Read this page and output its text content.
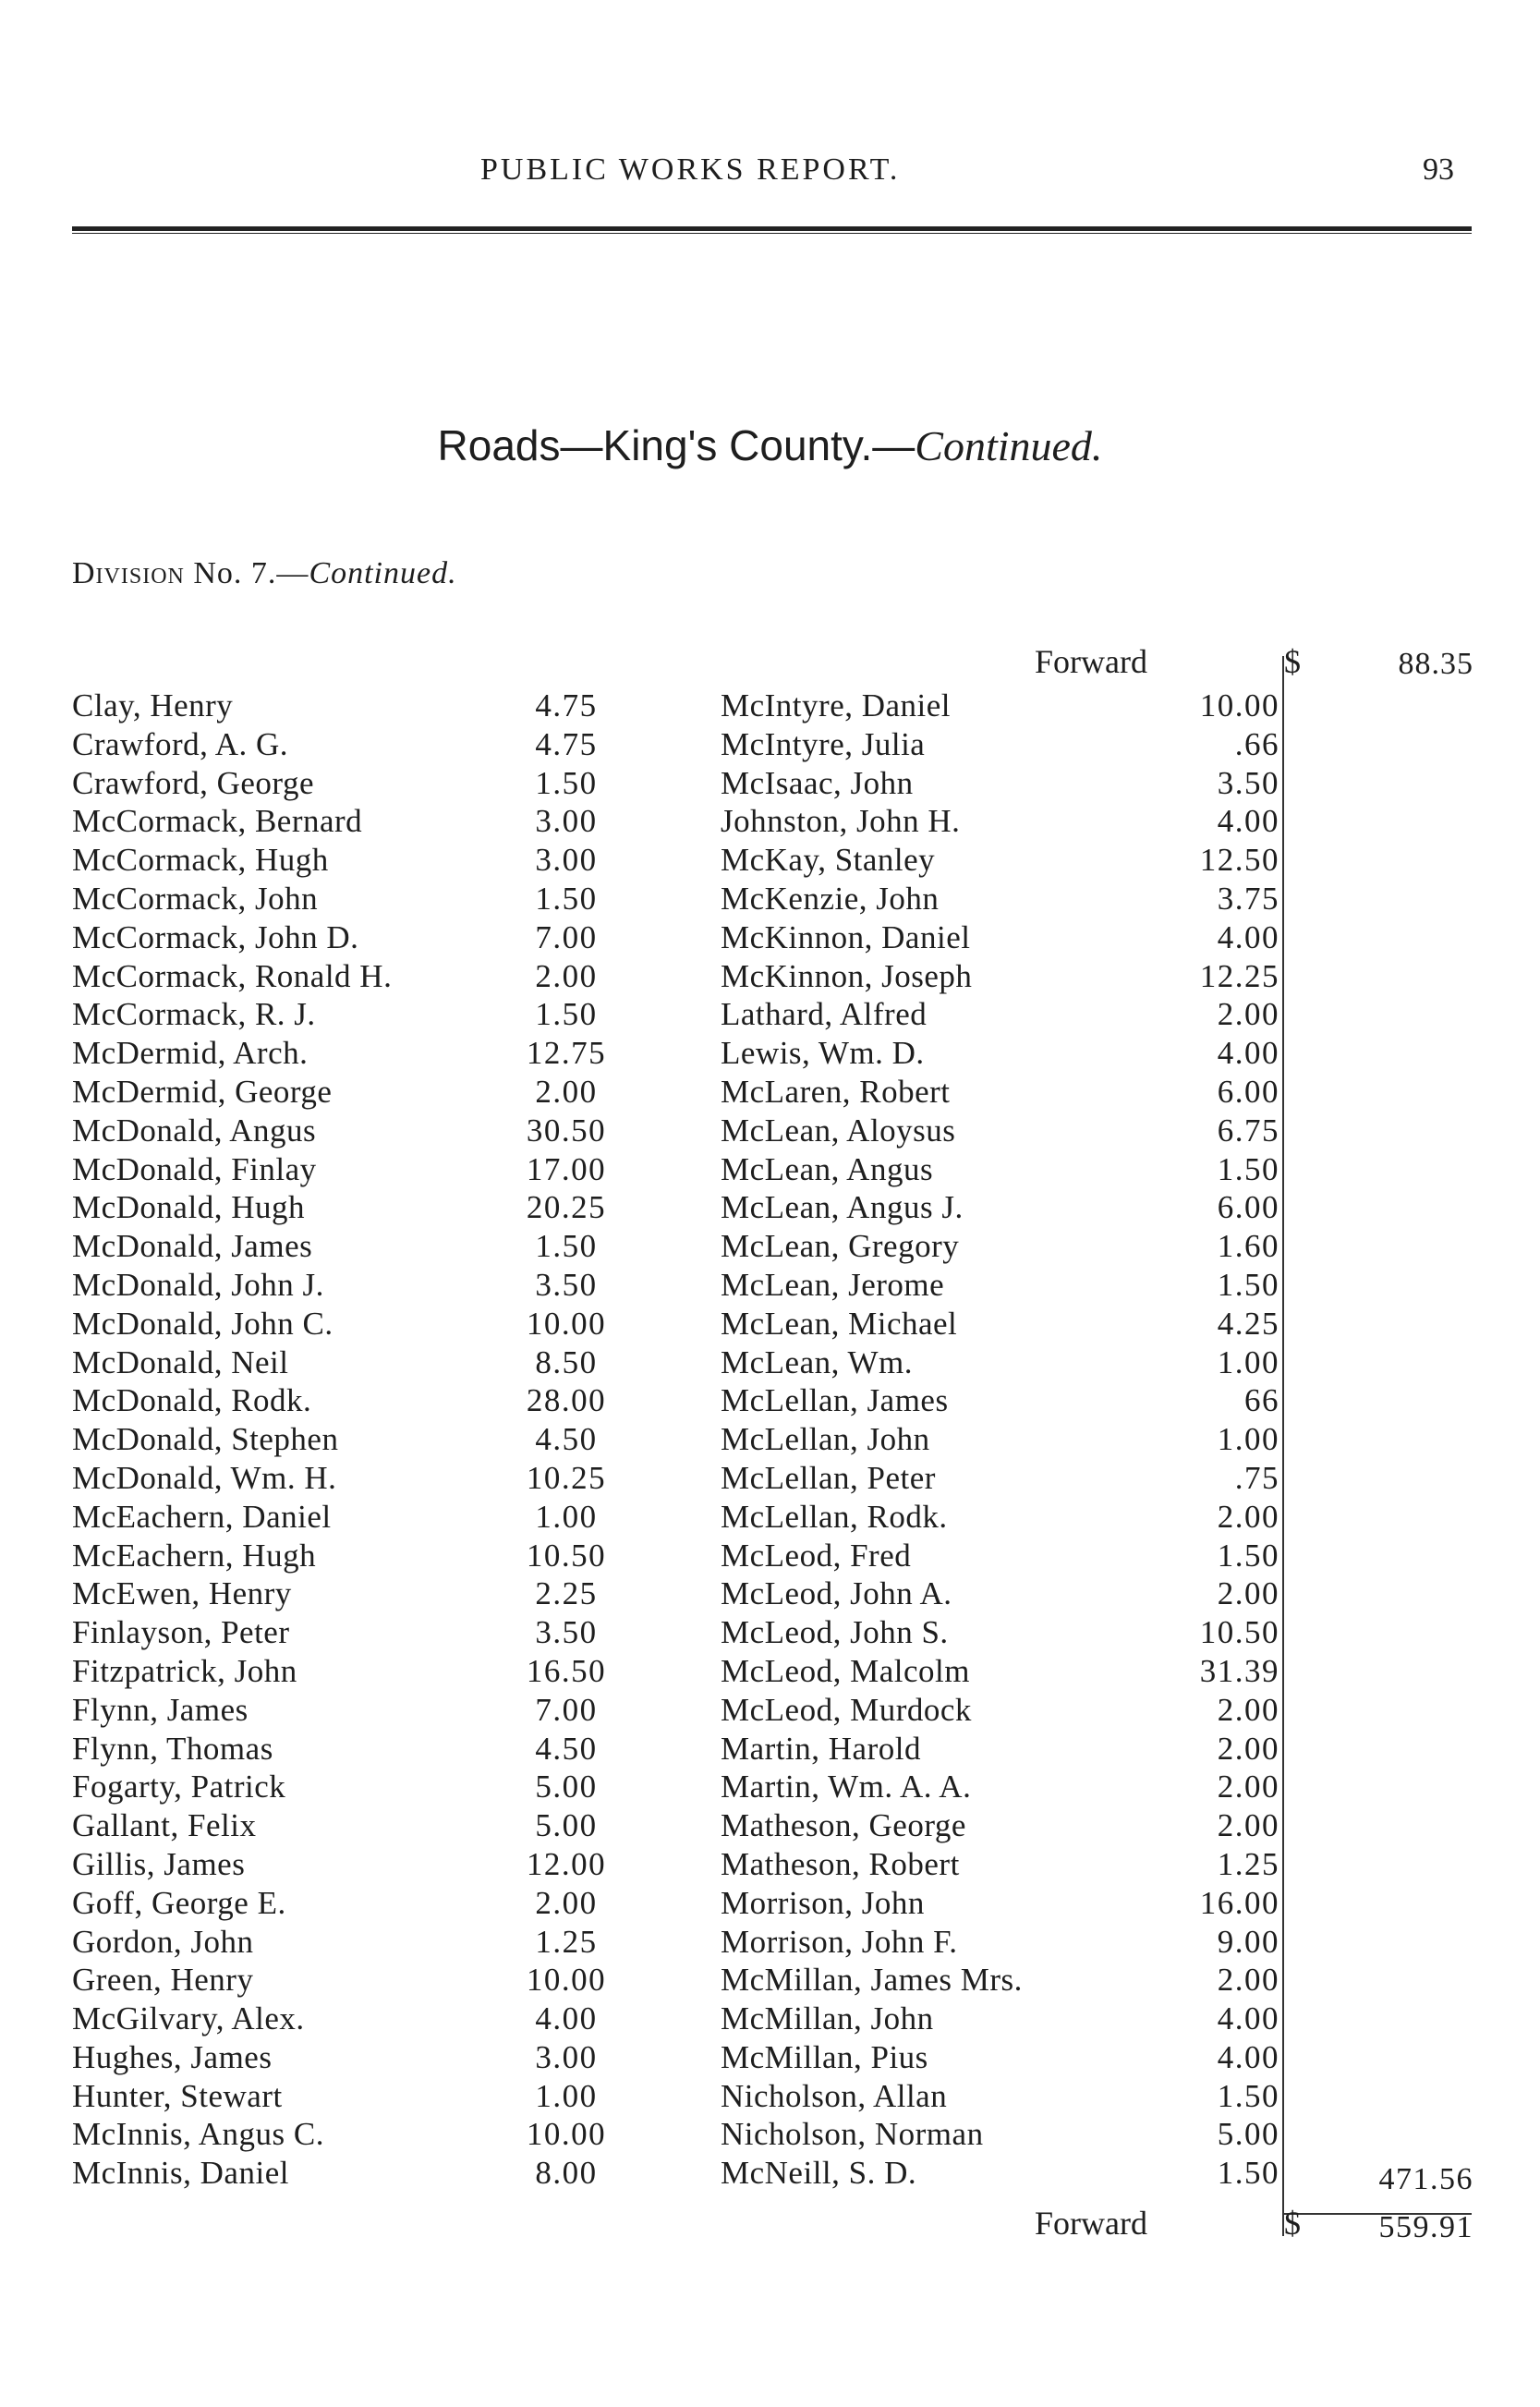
PUBLIC WORKS REPORT.	93
Roads—King's County.—Continued.
Division No. 7.—Continued.
Forward	$	88.35
Clay, Henry	4.75
Crawford, A. G.	4.75
Crawford, George	1.50
McCormack, Bernard	3.00
McCormack, Hugh	3.00
McCormack, John	1.50
McCormack, John D.	7.00
McCormack, Ronald H.	2.00
McCormack, R. J.	1.50
McDermid, Arch.	12.75
McDermid, George	2.00
McDonald, Angus	30.50
McDonald, Finlay	17.00
McDonald, Hugh	20.25
McDonald, James	1.50
McDonald, John J.	3.50
McDonald, John C.	10.00
McDonald, Neil	8.50
McDonald, Rodk.	28.00
McDonald, Stephen	4.50
McDonald, Wm. H.	10.25
McEachern, Daniel	1.00
McEachern, Hugh	10.50
McEwen, Henry	2.25
Finlayson, Peter	3.50
Fitzpatrick, John	16.50
Flynn, James	7.00
Flynn, Thomas	4.50
Fogarty, Patrick	5.00
Gallant, Felix	5.00
Gillis, James	12.00
Goff, George E.	2.00
Gordon, John	1.25
Green, Henry	10.00
McGilvary, Alex.	4.00
Hughes, James	3.00
Hunter, Stewart	1.00
McInnis, Angus C.	10.00
McInnis, Daniel	8.00
McIntyre, Daniel	10.00
McIntyre, Julia	.66
McIsaac, John	3.50
Johnston, John H.	4.00
McKay, Stanley	12.50
McKenzie, John	3.75
McKinnon, Daniel	4.00
McKinnon, Joseph	12.25
Lathard, Alfred	2.00
Lewis, Wm. D.	4.00
McLaren, Robert	6.00
McLean, Aloysus	6.75
McLean, Angus	1.50
McLean, Angus J.	6.00
McLean, Gregory	1.60
McLean, Jerome	1.50
McLean, Michael	4.25
McLean, Wm.	1.00
McLellan, James	66
McLellan, John	1.00
McLellan, Peter	.75
McLellan, Rodk.	2.00
McLeod, Fred	1.50
McLeod, John A.	2.00
McLeod, John S.	10.50
McLeod, Malcolm	31.39
McLeod, Murdock	2.00
Martin, Harold	2.00
Martin, Wm. A. A.	2.00
Matheson, George	2.00
Matheson, Robert	1.25
Morrison, John	16.00
Morrison, John F.	9.00
McMillan, James Mrs.	2.00
McMillan, John	4.00
McMillan, Pius	4.00
Nicholson, Allan	1.50
Nicholson, Norman	5.00
McNeill, S. D.	1.50	471.56
Forward	$	559.91
